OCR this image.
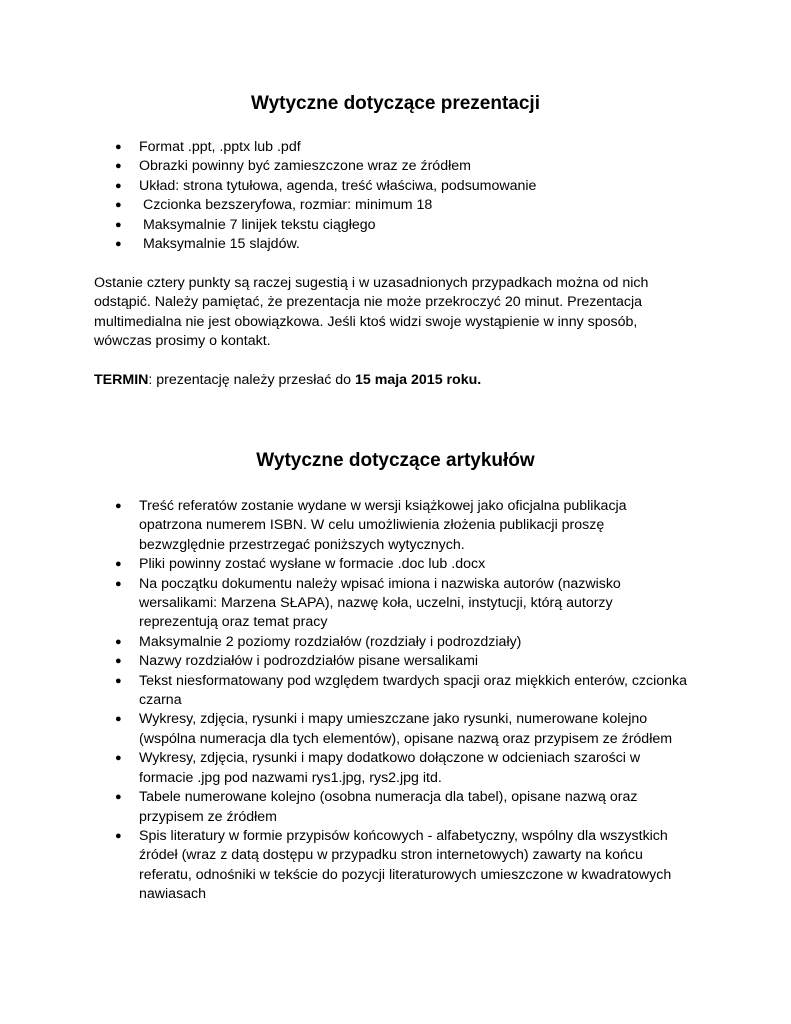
Wytyczne dotyczące prezentacji
● Format .ppt, .pptx lub .pdf
● Obrazki powinny być zamieszczone wraz ze źródłem
● Układ: strona tytułowa, agenda, treść właściwa, podsumowanie
●  Czcionka bezszeryfowa, rozmiar: minimum 18
●  Maksymalnie 7 linijek tekstu ciągłego
●  Maksymalnie 15 slajdów.

Ostanie cztery punkty są raczej sugestią i w uzasadnionych przypadkach można od nich odstąpić. Należy pamiętać, że prezentacja nie może przekroczyć 20 minut. Prezentacja multimedialna nie jest obowiązkowa. Jeśli ktoś widzi swoje wystąpienie w inny sposób, wówczas prosimy o kontakt.

TERMIN: prezentację należy przesłać do 15 maja 2015 roku.

Wytyczne dotyczące artykułów
● Treść referatów zostanie wydane w wersji książkowej jako oficjalna publikacja opatrzona numerem ISBN. W celu umożliwienia złożenia publikacji proszę bezwzględnie przestrzegać poniższych wytycznych.
● Pliki powinny zostać wysłane w formacie .doc lub .docx
● Na początku dokumentu należy wpisać imiona i nazwiska autorów (nazwisko wersalikami: Marzena SŁAPA), nazwę koła, uczelni, instytucji, którą autorzy reprezentują oraz temat pracy
● Maksymalnie 2 poziomy rozdziałów (rozdziały i podrozdziały)
● Nazwy rozdziałów i podrozdziałów pisane wersalikami
● Tekst niesformatowany pod względem twardych spacji oraz miękkich enterów, czcionka czarna
● Wykresy, zdjęcia, rysunki i mapy umieszczane jako rysunki, numerowane kolejno (wspólna numeracja dla tych elementów), opisane nazwą oraz przypisem ze źródłem
● Wykresy, zdjęcia, rysunki i mapy dodatkowo dołączone w odcieniach szarości w formacie .jpg pod nazwami rys1.jpg, rys2.jpg itd.
● Tabele numerowane kolejno (osobna numeracja dla tabel), opisane nazwą oraz przypisem ze źródłem
● Spis literatury w formie przypisów końcowych - alfabetyczny, wspólny dla wszystkich źródeł (wraz z datą dostępu w przypadku stron internetowych) zawarty na końcu referatu, odnośniki w tekście do pozycji literaturowych umieszczone w kwadratowych nawiasach
